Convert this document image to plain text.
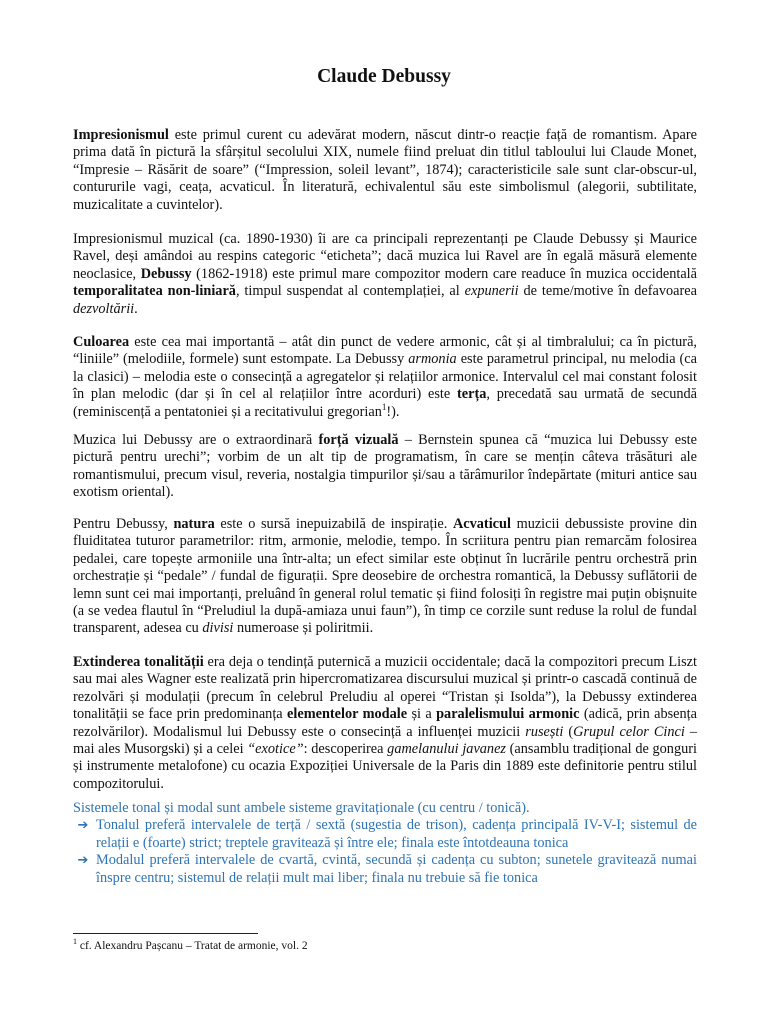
Claude Debussy

Impresionismul este primul curent cu adevărat modern, născut dintr-o reacție față de romantism. Apare prima dată în pictură la sfârșitul secolului XIX, numele fiind preluat din titlul tabloului lui Claude Monet, “Impresie – Răsărit de soare” (“Impression, soleil levant”, 1874); caracteristicile sale sunt clar-obscur-ul, contururile vagi, ceața, acvaticul. În literatură, echivalentul său este simbolismul (alegorii, subtilitate, muzicalitate a cuvintelor).

Impresionismul muzical (ca. 1890-1930) îi are ca principali reprezentanți pe Claude Debussy și Maurice Ravel, deși amândoi au respins categoric “eticheta”; dacă muzica lui Ravel are în egală măsură elemente neoclasice, Debussy (1862-1918) este primul mare compozitor modern care readuce în muzica occidentală temporalitatea non-liniară, timpul suspendat al contemplației, al expunerii de teme/motive în defavoarea dezvoltării.

Culoarea este cea mai importantă – atât din punct de vedere armonic, cât și al timbralului; ca în pictură, “liniile” (melodiile, formele) sunt estompate. La Debussy armonia este parametrul principal, nu melodia (ca la clasici) – melodia este o consecință a agregatelor și relațiilor armonice. Intervalul cel mai constant folosit în plan melodic (dar și în cel al relațiilor între acorduri) este terța, precedată sau urmată de secundă (reminiscență a pentatoniei și a recitativului gregorian$^1$!).

Muzica lui Debussy are o extraordinară forță vizuală – Bernstein spunea că “muzica lui Debussy este pictură pentru urechi”; vorbim de un alt tip de programatism, în care se mențin câteva trăsături ale romantismului, precum visul, reveria, nostalgia timpurilor și/sau a tărâmurilor îndepărtate (mituri antice sau exotism oriental).

Pentru Debussy, natura este o sursă inepuizabilă de inspirație. Acvaticul muzicii debussiste provine din fluiditatea tuturor parametrilor: ritm, armonie, melodie, tempo. În scriitura pentru pian remarcăm folosirea pedalei, care topește armoniile una într-alta; un efect similar este obținut în lucrările pentru orchestră prin orchestrație și “pedale” / fundal de figurații. Spre deosebire de orchestra romantică, la Debussy suflătorii de lemn sunt cei mai importanți, preluând în general rolul tematic și fiind folosiți în registre mai puțin obișnuite (a se vedea flautul în “Preludiul la după-amiaza unui faun”), în timp ce corzile sunt reduse la rolul de fundal transparent, adesea cu divisi numeroase și poliritmii.

Extinderea tonalității era deja o tendință puternică a muzicii occidentale; dacă la compozitori precum Liszt sau mai ales Wagner este realizată prin hipercromatizarea discursului muzical și printr-o cascadă continuă de rezolvări și modulații (precum în celebrul Preludiu al operei “Tristan și Isolda”), la Debussy extinderea tonalității se face prin predominanța elementelor modale și a paralelismului armonic (adică, prin absența rezolvărilor). Modalismul lui Debussy este o consecință a influenței muzicii rusești (Grupul celor Cinci – mai ales Musorgski) și a celei “exotice”: descoperirea gamelanului javanez (ansamblu tradițional de gonguri și instrumente metalofone) cu ocazia Expoziției Universale de la Paris din 1889 este definitorie pentru stilul compozitorului.

Sistemele tonal și modal sunt ambele sisteme gravitaționale (cu centru / tonică).

➔ Tonalul preferă intervalele de terță / sextă (sugestia de trison), cadența principală IV-V-I; sistemul de relații e (foarte) strict; treptele gravitează și între ele; finala este întotdeauna tonica
➔ Modalul preferă intervalele de cvartă, cvintă, secundă și cadența cu subton; sunetele gravitează numai înspre centru; sistemul de relații mult mai liber; finala nu trebuie să fie tonica
$^1$ cf. Alexandru Pașcanu – Tratat de armonie, vol. 2
